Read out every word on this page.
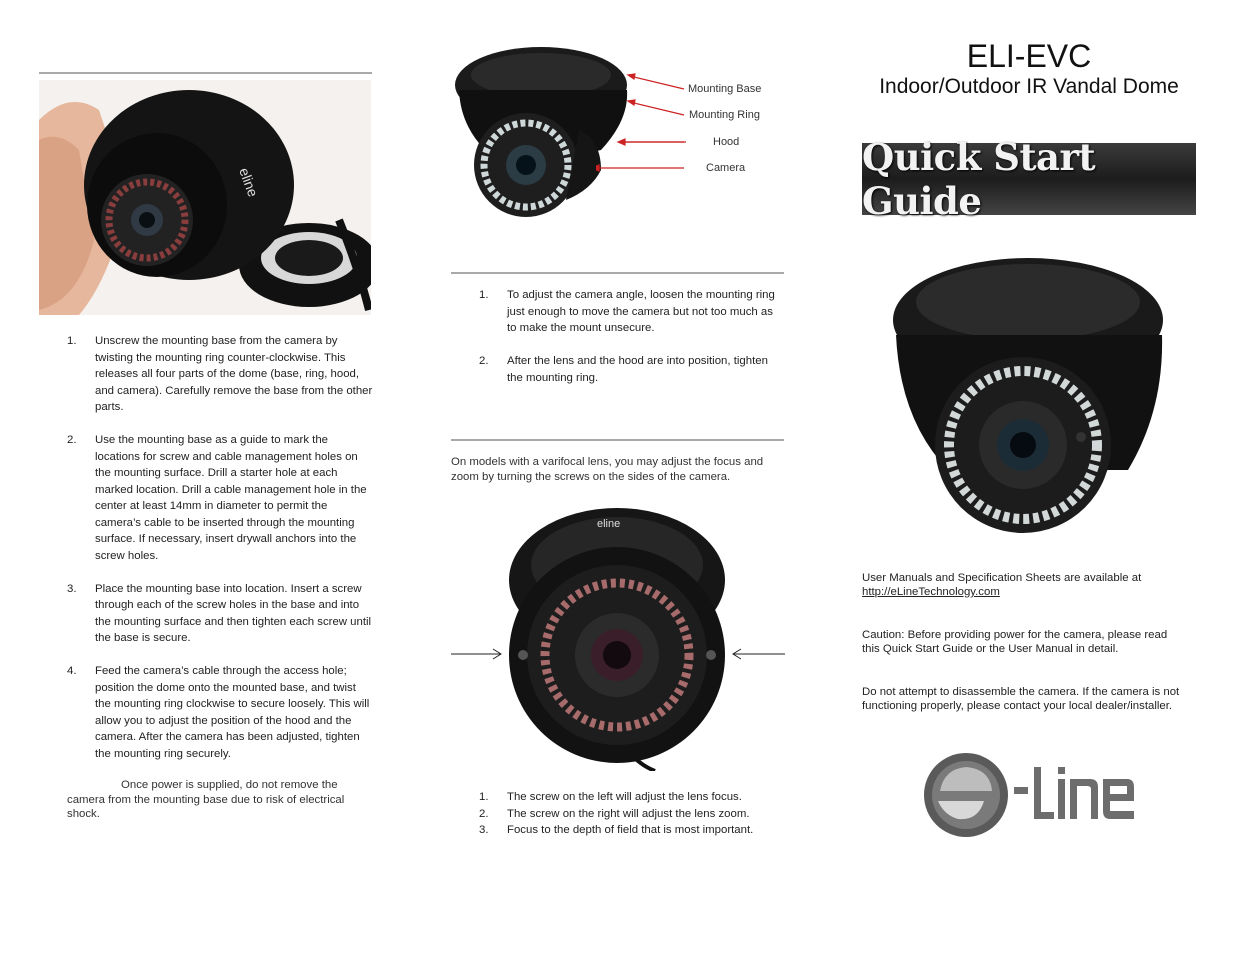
eline
1. Unscrew the mounting base from the camera by twisting the mounting ring counter-clockwise. This releases all four parts of the dome (base, ring, hood, and camera). Carefully remove the base from the other parts.
2. Use the mounting base as a guide to mark the locations for screw and cable management holes on the mounting surface. Drill a starter hole at each marked location. Drill a cable management hole in the center at least 14mm in diameter to permit the camera’s cable to be inserted through the mounting surface. If necessary, insert drywall anchors into the screw holes.
3. Place the mounting base into location. Insert a screw through each of the screw holes in the base and into the mounting surface and then tighten each screw until the base is secure.
4. Feed the camera’s cable through the access hole; position the dome onto the mounted base, and twist the mounting ring clockwise to secure loosely. This will allow you to adjust the position of the hood and the camera. After the camera has been adjusted, tighten the mounting ring securely.
Once power is supplied, do not remove the camera from the mounting base due to risk of electrical shock.
Mounting Base
Mounting Ring
Hood
Camera
1. To adjust the camera angle, loosen the mounting ring just enough to move the camera but not too much as to make the mount unsecure.
2. After the lens and the hood are into position, tighten the mounting ring.
On models with a varifocal lens, you may adjust the focus and zoom by turning the screws on the sides of the camera.
eline
1. The screw on the left will adjust the lens focus.
2. The screw on the right will adjust the lens zoom.
3. Focus to the depth of field that is most important.
ELI-EVC
Indoor/Outdoor IR Vandal Dome
Quick Start Guide
User Manuals and Specification Sheets are available at
http://eLineTechnology.com
Caution: Before providing power for the camera, please read this Quick Start Guide or the User Manual in detail.
Do not attempt to disassemble the camera. If the camera is not functioning properly, please contact your local dealer/installer.
